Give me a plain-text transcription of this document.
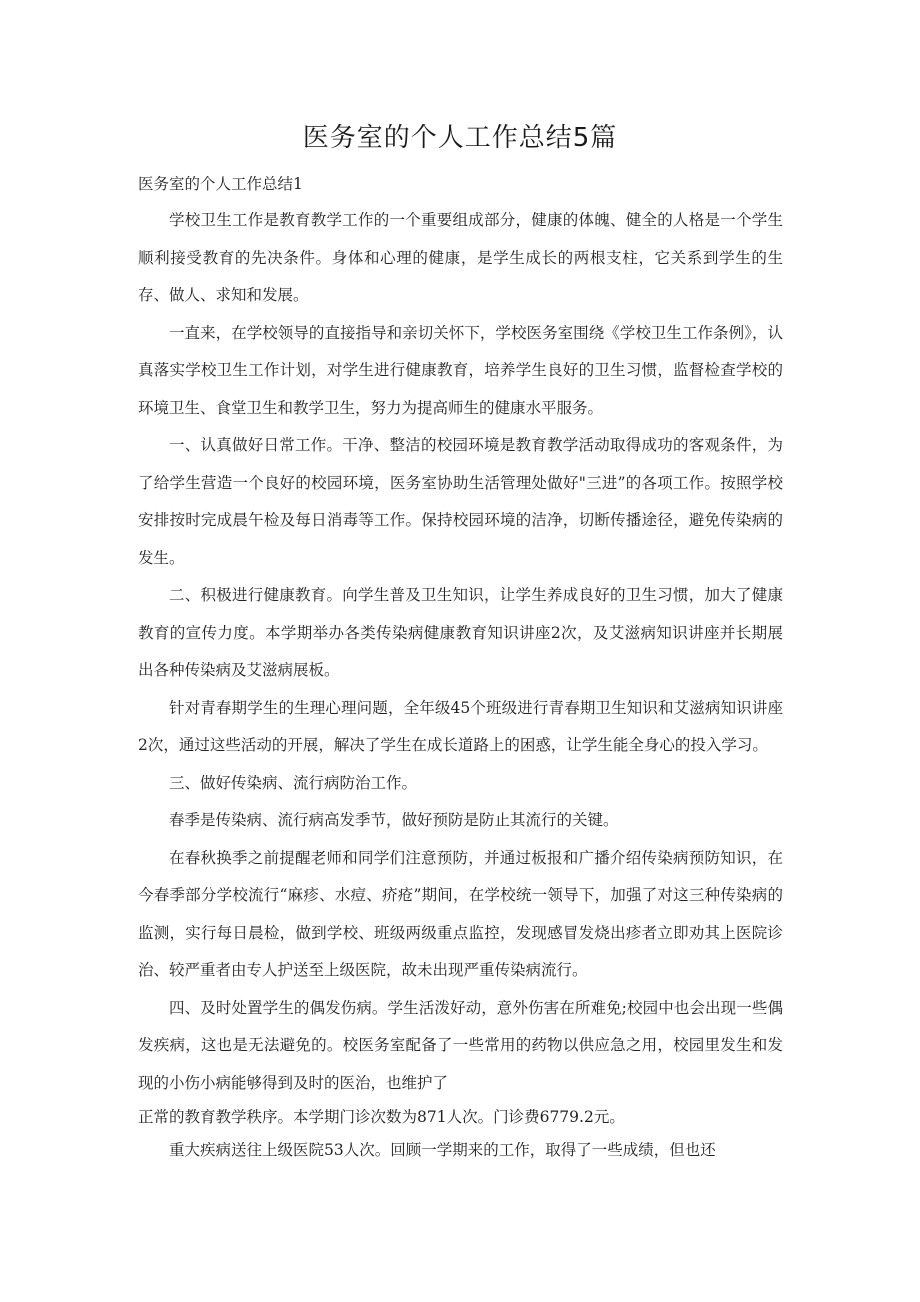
医务室的个人工作总结5篇
医务室的个人工作总结1

学校卫生工作是教育教学工作的一个重要组成部分，健康的体魄、健全的人格是一个学生顺利接受教育的先决条件。身体和心理的健康，是学生成长的两根支柱，它关系到学生的生存、做人、求知和发展。

一直来，在学校领导的直接指导和亲切关怀下，学校医务室围绕《学校卫生工作条例》，认真落实学校卫生工作计划，对学生进行健康教育，培养学生良好的卫生习惯，监督检查学校的环境卫生、食堂卫生和教学卫生，努力为提高师生的健康水平服务。

一、认真做好日常工作。干净、整洁的校园环境是教育教学活动取得成功的客观条件，为了给学生营造一个良好的校园环境，医务室协助生活管理处做好"三进”的各项工作。按照学校安排按时完成晨午检及每日消毒等工作。保持校园环境的洁净，切断传播途径，避免传染病的发生。

二、积极进行健康教育。向学生普及卫生知识，让学生养成良好的卫生习惯，加大了健康教育的宣传力度。本学期举办各类传染病健康教育知识讲座2次，及艾滋病知识讲座并长期展出各种传染病及艾滋病展板。

针对青春期学生的生理心理问题，全年级45个班级进行青春期卫生知识和艾滋病知识讲座2次，通过这些活动的开展，解决了学生在成长道路上的困惑，让学生能全身心的投入学习。

三、做好传染病、流行病防治工作。

春季是传染病、流行病高发季节，做好预防是防止其流行的关键。

在春秋换季之前提醒老师和同学们注意预防，并通过板报和广播介绍传染病预防知识，在今春季部分学校流行“麻疹、水痘、疥疮”期间，在学校统一领导下，加强了对这三种传染病的监测，实行每日晨检，做到学校、班级两级重点监控，发现感冒发烧出疹者立即劝其上医院诊治、较严重者由专人护送至上级医院，故未出现严重传染病流行。

四、及时处置学生的偶发伤病。学生活泼好动，意外伤害在所难免;校园中也会出现一些偶发疾病，这也是无法避免的。校医务室配备了一些常用的药物以供应急之用，校园里发生和发现的小伤小病能够得到及时的医治，也维护了

正常的教育教学秩序。本学期门诊次数为871人次。门诊费6779.2元。

重大疾病送往上级医院53人次。回顾一学期来的工作，取得了一些成绩，但也还
